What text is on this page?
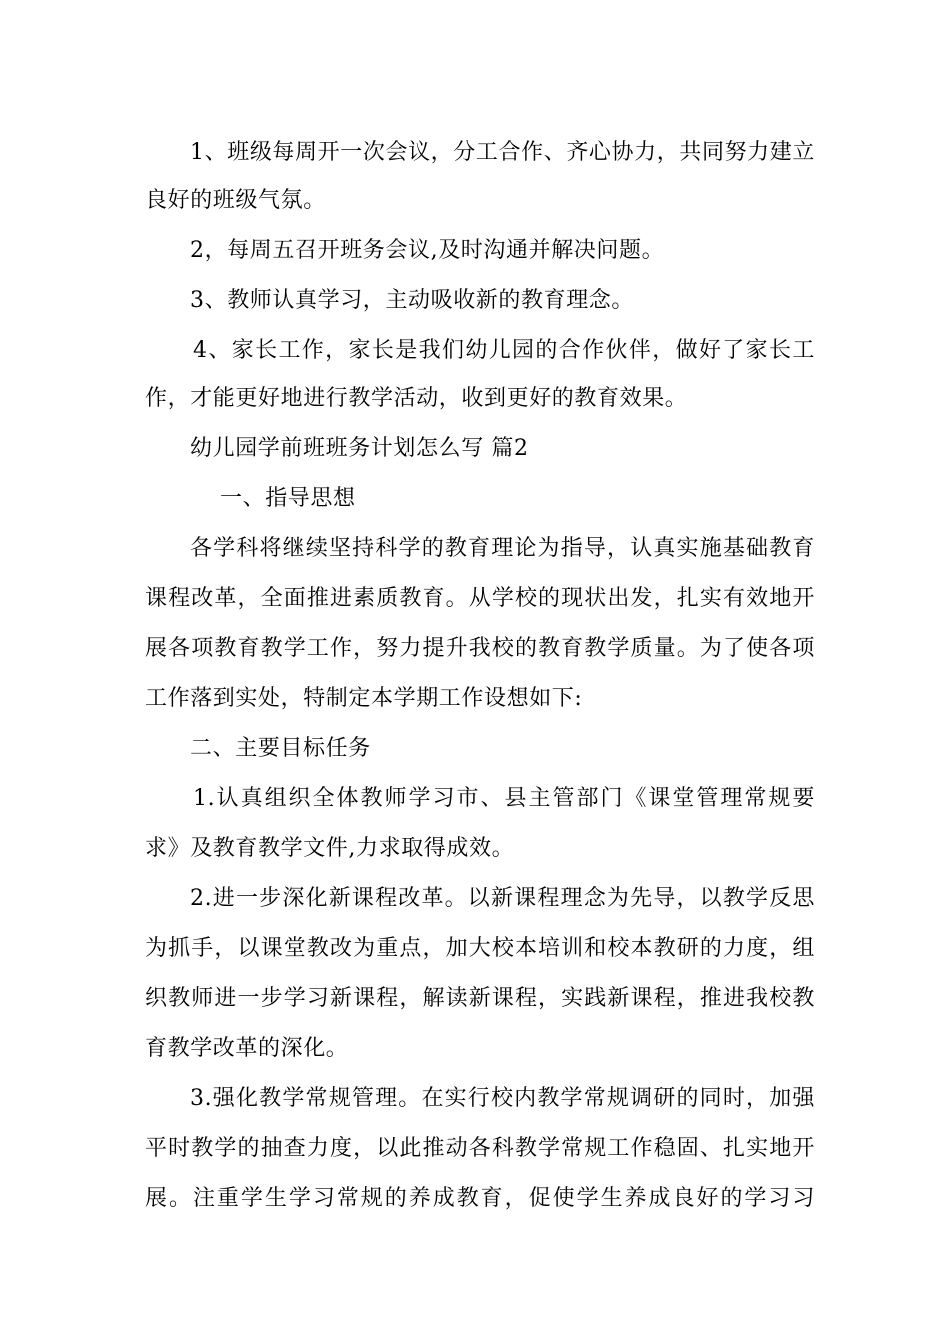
1、班级每周开一次会议，分工合作、齐心协力，共同努力建立
良好的班级气氛。
2，每周五召开班务会议,及时沟通并解决问题。
3、教师认真学习，主动吸收新的教育理念。
4、家长工作，家长是我们幼儿园的合作伙伴，做好了家长工
作，才能更好地进行教学活动，收到更好的教育效果。
幼儿园学前班班务计划怎么写 篇2
一、指导思想
各学科将继续坚持科学的教育理论为指导，认真实施基础教育
课程改革，全面推进素质教育。从学校的现状出发，扎实有效地开
展各项教育教学工作，努力提升我校的教育教学质量。为了使各项
工作落到实处，特制定本学期工作设想如下:
二、主要目标任务
1.认真组织全体教师学习市、县主管部门《课堂管理常规要
求》及教育教学文件,力求取得成效。
2.进一步深化新课程改革。以新课程理念为先导，以教学反思
为抓手，以课堂教改为重点，加大校本培训和校本教研的力度，组
织教师进一步学习新课程，解读新课程，实践新课程，推进我校教
育教学改革的深化。
3.强化教学常规管理。在实行校内教学常规调研的同时，加强
平时教学的抽查力度，以此推动各科教学常规工作稳固、扎实地开
展。注重学生学习常规的养成教育，促使学生养成良好的学习习
